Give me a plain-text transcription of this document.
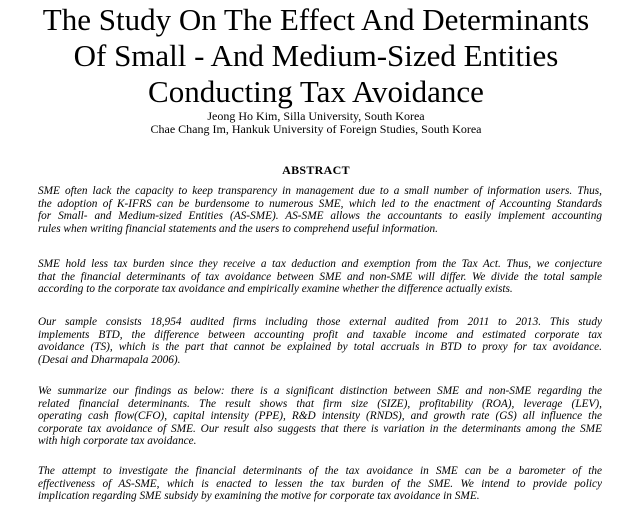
The Study On The Effect And Determinants
Of Small - And Medium-Sized Entities
Conducting Tax Avoidance
Jeong Ho Kim, Silla University, South Korea
Chae Chang Im, Hankuk University of Foreign Studies, South Korea
ABSTRACT
SME often lack the capacity to keep transparency in management due to a small number of information users. Thus,
the adoption of K-IFRS can be burdensome to numerous SME, which led to the enactment of Accounting Standards
for Small- and Medium-sized Entities (AS-SME). AS-SME allows the accountants to easily implement accounting
rules when writing financial statements and the users to comprehend useful information.
SME hold less tax burden since they receive a tax deduction and exemption from the Tax Act. Thus, we conjecture
that the financial determinants of tax avoidance between SME and non-SME will differ. We divide the total sample
according to the corporate tax avoidance and empirically examine whether the difference actually exists.
Our sample consists 18,954 audited firms including those external audited from 2011 to 2013. This study
implements BTD, the difference between accounting profit and taxable income and estimated corporate tax
avoidance (TS), which is the part that cannot be explained by total accruals in BTD to proxy for tax avoidance.
(Desai and Dharmapala 2006).
We summarize our findings as below: there is a significant distinction between SME and non-SME regarding the
related financial determinants. The result shows that firm size (SIZE), profitability (ROA), leverage (LEV),
operating cash flow(CFO), capital intensity (PPE), R&D intensity (RNDS), and growth rate (GS) all influence the
corporate tax avoidance of SME. Our result also suggests that there is variation in the determinants among the SME
with high corporate tax avoidance.
The attempt to investigate the financial determinants of the tax avoidance in SME can be a barometer of the
effectiveness of AS-SME, which is enacted to lessen the tax burden of the SME. We intend to provide policy
implication regarding SME subsidy by examining the motive for corporate tax avoidance in SME.
